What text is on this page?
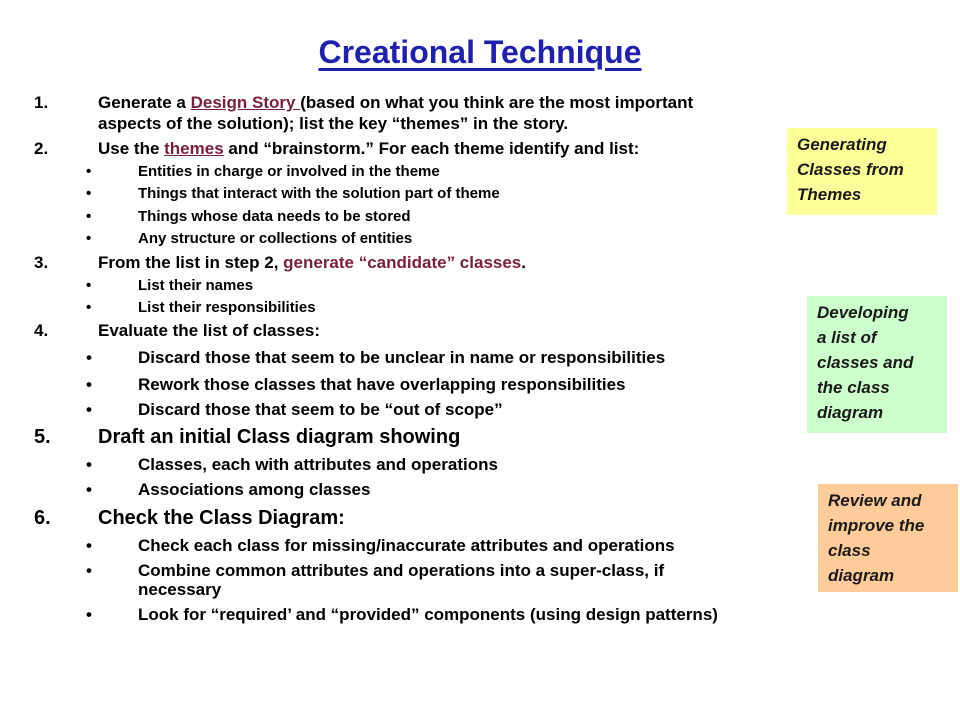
Creational Technique
1.	Generate a Design Story (based on what you think are the most important
aspects of the solution); list the key “themes” in the story.
2.	Use the themes and “brainstorm.” For each theme identify and list:
•	Entities in charge or involved in the theme
•	Things that interact with the solution part of theme
•	Things whose data needs to be stored
•	Any structure or collections of entities
3.	From the list in step 2, generate “candidate” classes.
•	List their names
•	List their responsibilities
4.	Evaluate the list of classes:
•	Discard those that seem to be unclear in name or responsibilities
•	Rework those classes that have overlapping responsibilities
•	Discard those that seem to be “out of scope”
5. Draft an initial Class diagram showing
•	Classes, each with attributes and operations
•	Associations among classes
6. Check the Class Diagram:
•	Check each class for missing/inaccurate attributes and operations
•	Combine common attributes and operations into a super-class, if
necessary
•	Look for “required’ and “provided” components (using design patterns)
Generating
Classes from
Themes
Developing
a list of
classes and
the class
diagram
Review and
improve the
class
diagram
